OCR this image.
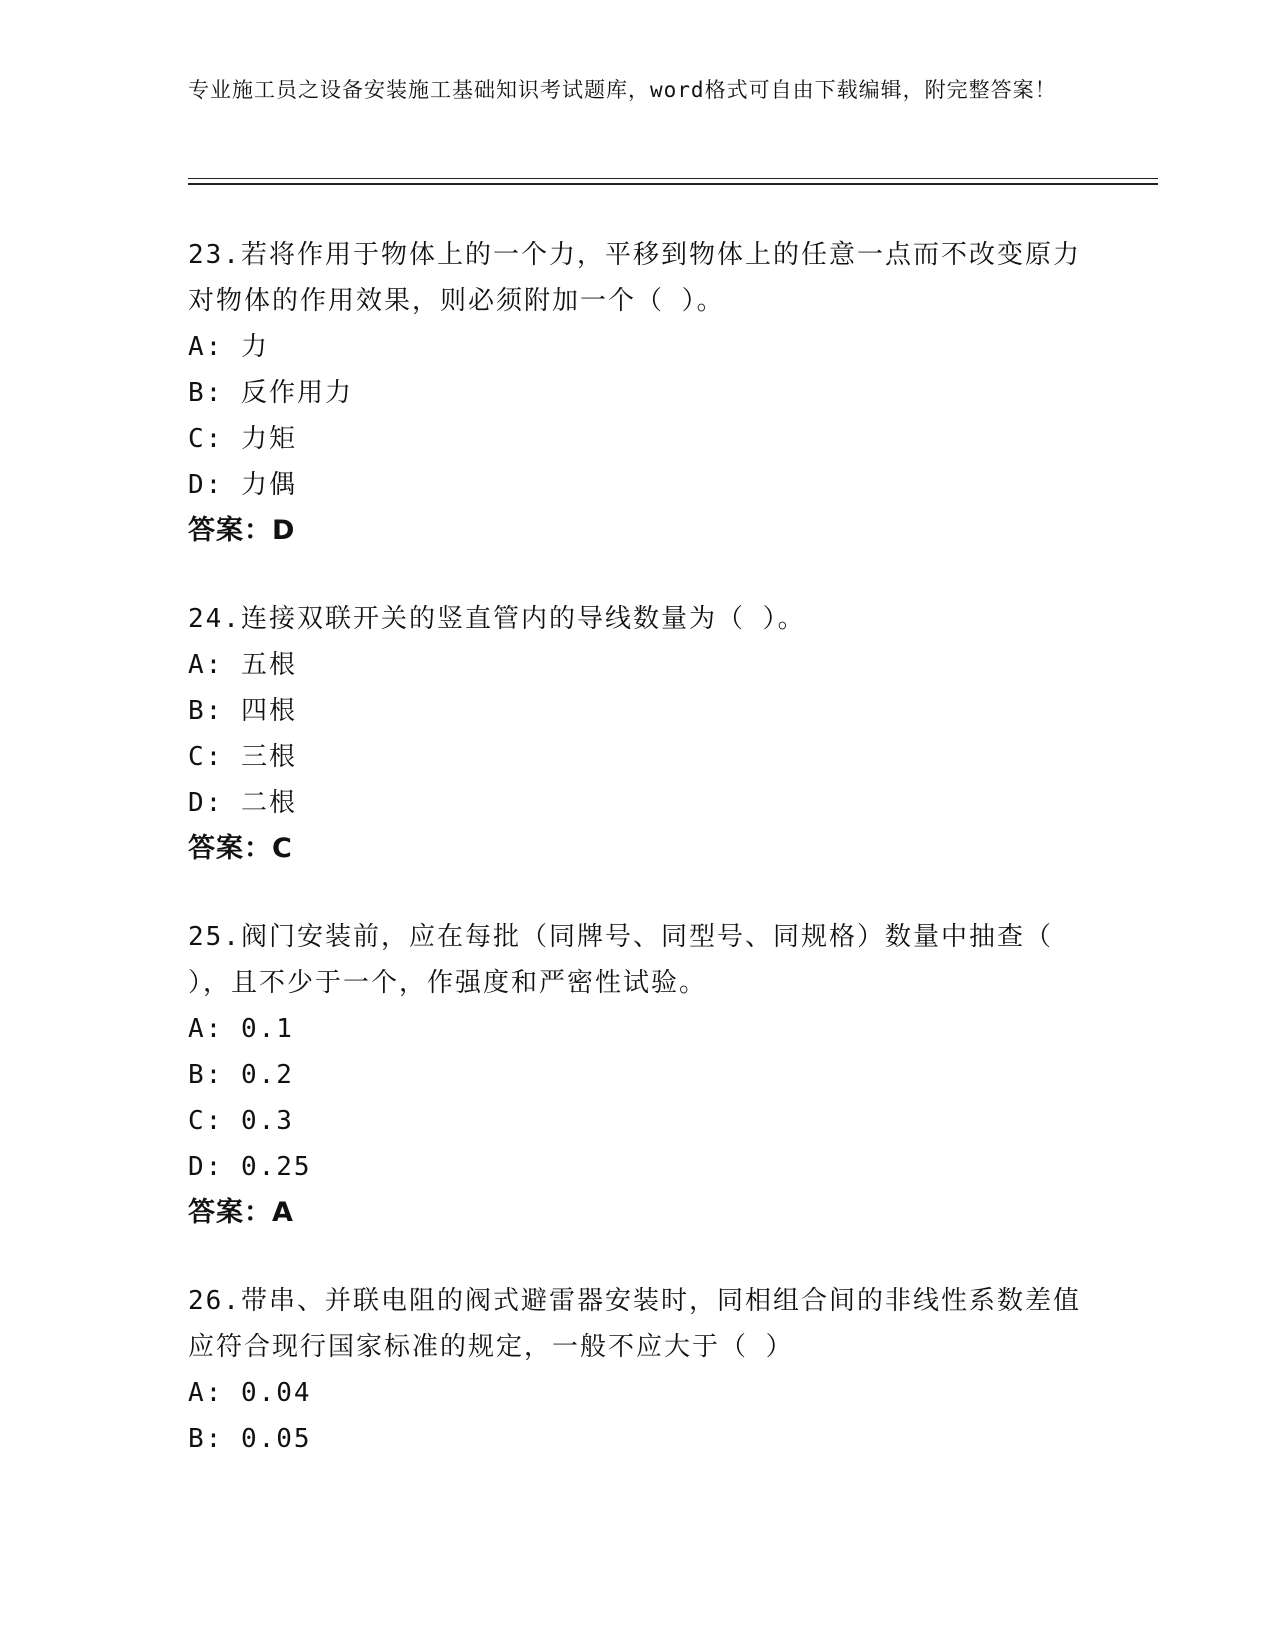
专业施工员之设备安装施工基础知识考试题库，word格式可自由下载编辑，附完整答案！
23.若将作用于物体上的一个力，平移到物体上的任意一点而不改变原力对物体的作用效果，则必须附加一个（ ）。
A: 力
B: 反作用力
C: 力矩
D: 力偶
答案：D
24.连接双联开关的竖直管内的导线数量为（ ）。
A: 五根
B: 四根
C: 三根
D: 二根
答案：C
25.阀门安装前，应在每批（同牌号、同型号、同规格）数量中抽查（ ），且不少于一个，作强度和严密性试验。
A: 0.1
B: 0.2
C: 0.3
D: 0.25
答案：A
26.带串、并联电阻的阀式避雷器安装时，同相组合间的非线性系数差值应符合现行国家标准的规定，一般不应大于（ ）
A: 0.04
B: 0.05
